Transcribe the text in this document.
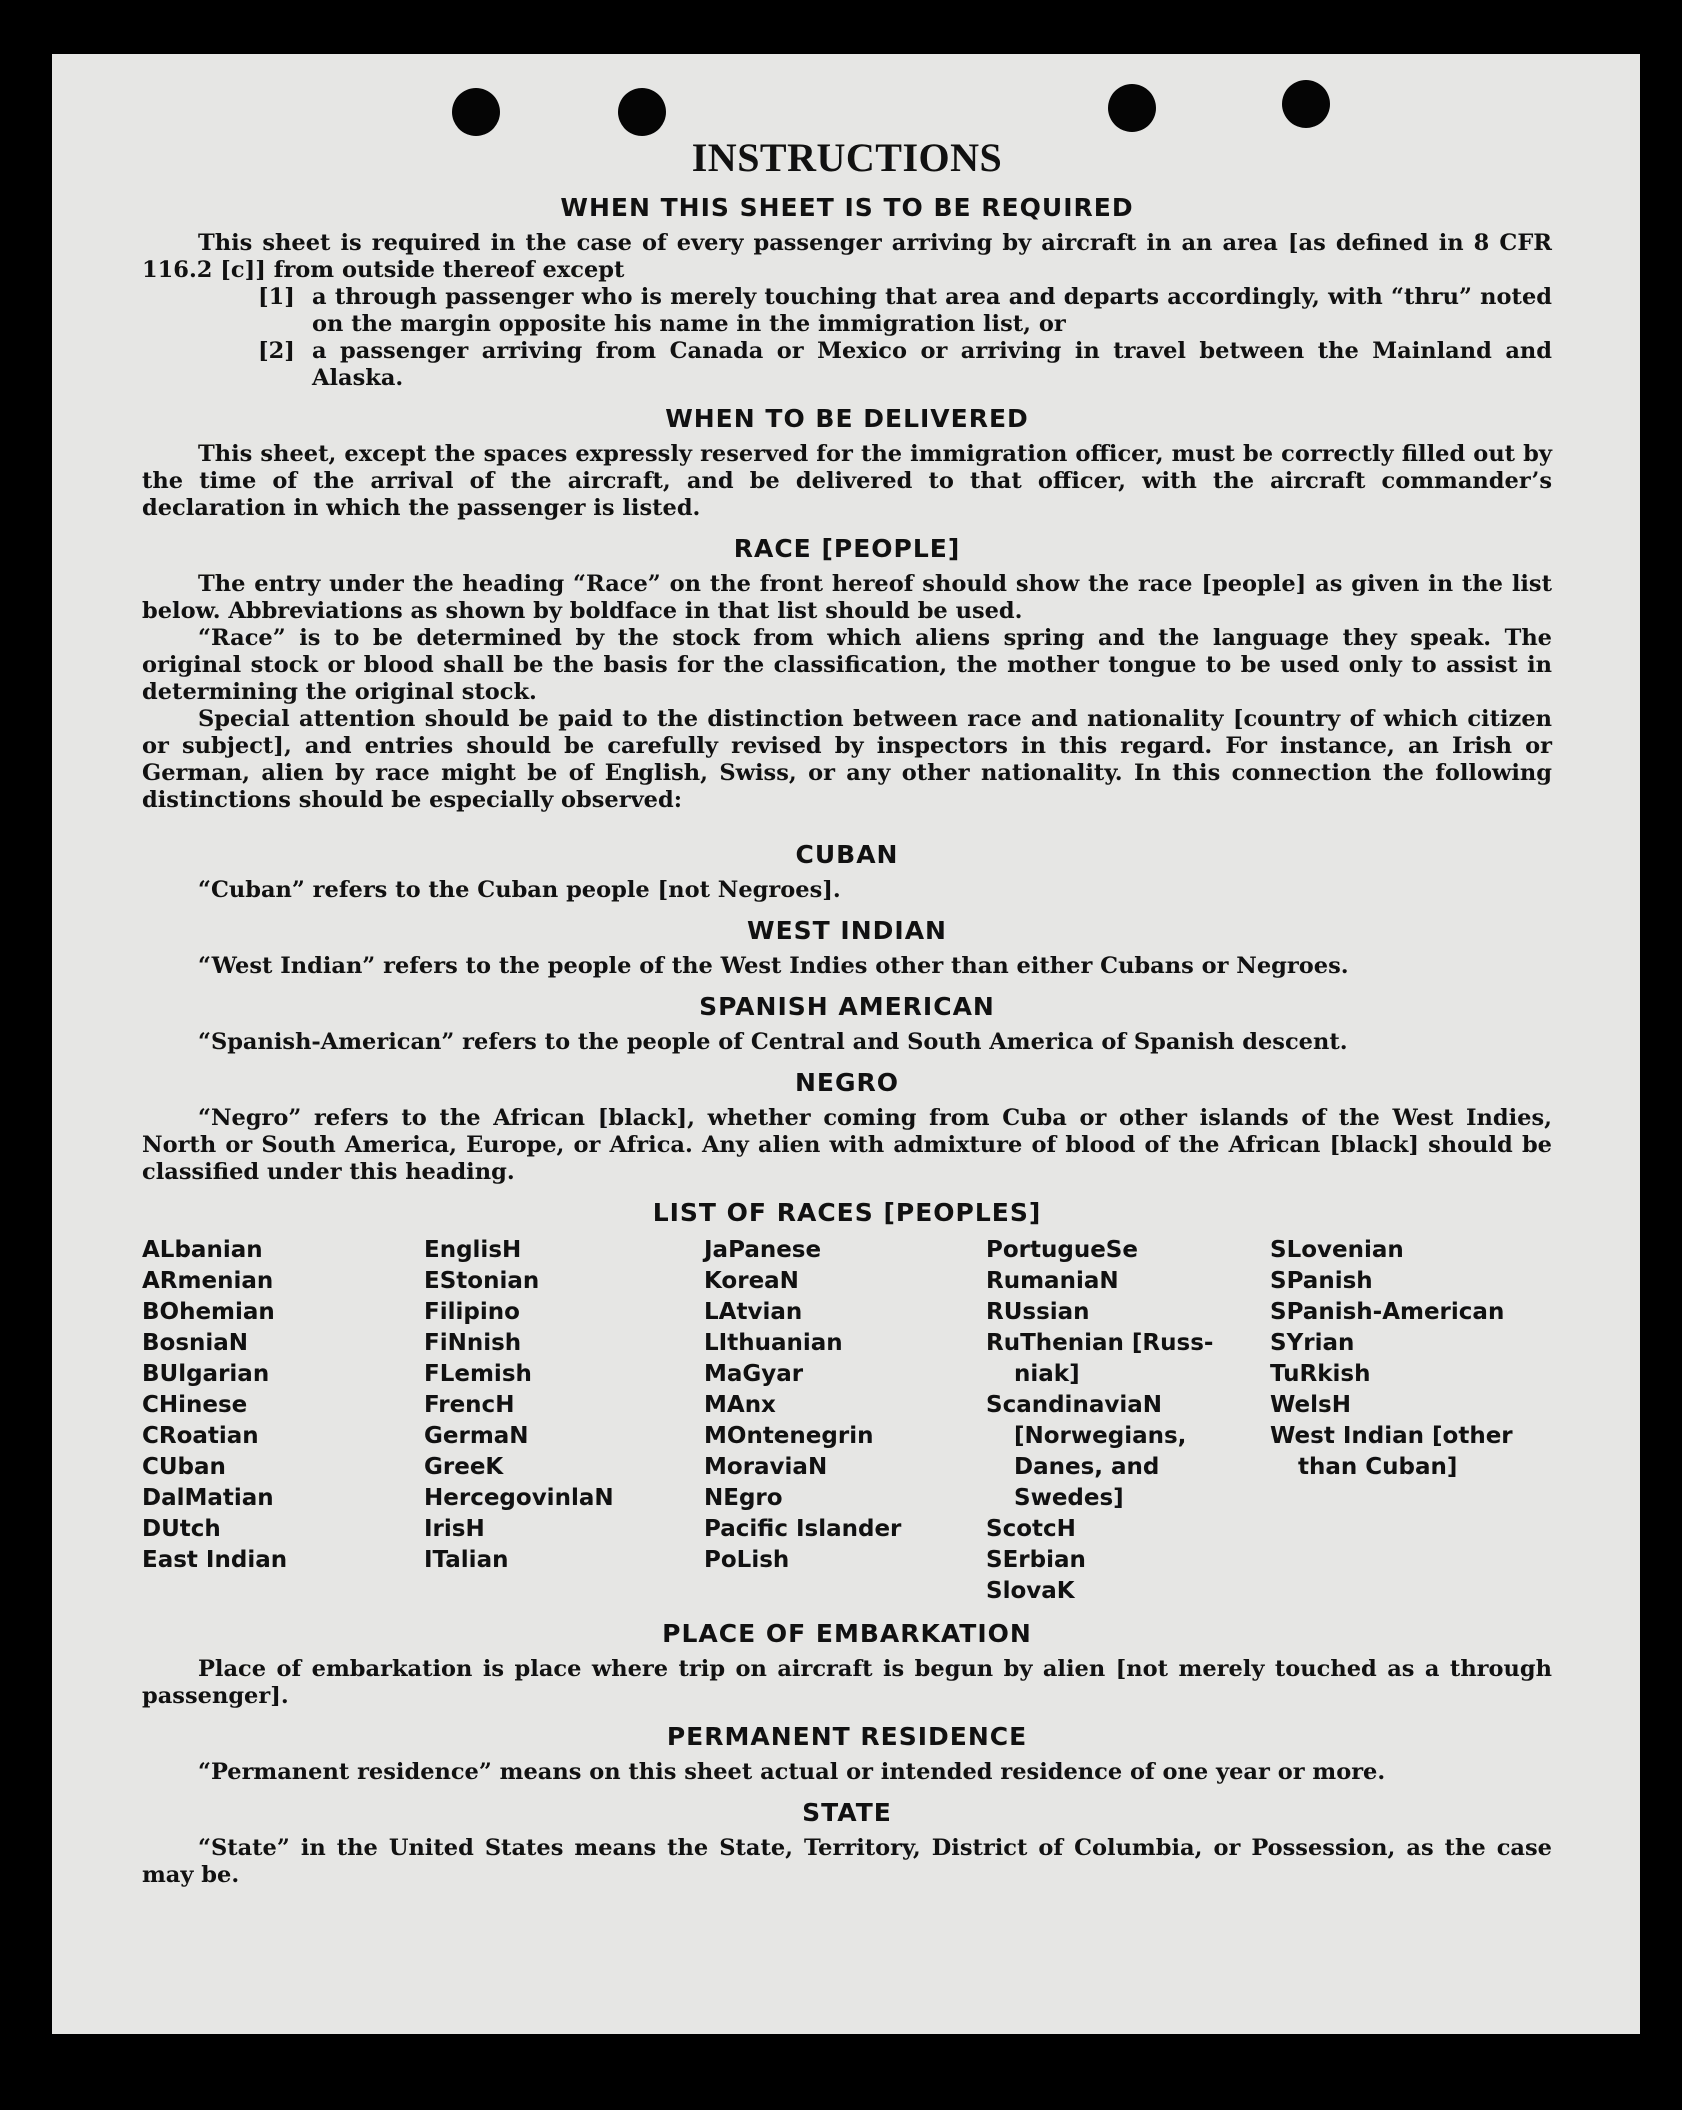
INSTRUCTIONS
WHEN THIS SHEET IS TO BE REQUIRED

This sheet is required in the case of every passenger arriving by aircraft in an area [as defined in 8 CFR 116.2 [c]] from outside thereof except

[1] a through passenger who is merely touching that area and departs accordingly, with “thru” noted on the margin opposite his name in the immigration list, or

[2] a passenger arriving from Canada or Mexico or arriving in travel between the Mainland and Alaska.

WHEN TO BE DELIVERED

This sheet, except the spaces expressly reserved for the immigration officer, must be correctly filled out by the time of the arrival of the aircraft, and be delivered to that officer, with the aircraft commander’s declaration in which the passenger is listed.

RACE [PEOPLE]

The entry under the heading “Race” on the front hereof should show the race [people] as given in the list below. Abbreviations as shown by boldface in that list should be used.

“Race” is to be determined by the stock from which aliens spring and the language they speak. The original stock or blood shall be the basis for the classification, the mother tongue to be used only to assist in determining the original stock.

Special attention should be paid to the distinction between race and nationality [country of which citizen or subject], and entries should be carefully revised by inspectors in this regard. For instance, an Irish or German, alien by race might be of English, Swiss, or any other nationality. In this connection the following distinctions should be especially observed:

CUBAN

“Cuban” refers to the Cuban people [not Negroes].

WEST INDIAN

“West Indian” refers to the people of the West Indies other than either Cubans or Negroes.

SPANISH AMERICAN

“Spanish-American” refers to the people of Central and South America of Spanish descent.

NEGRO

“Negro” refers to the African [black], whether coming from Cuba or other islands of the West Indies, North or South America, Europe, or Africa. Any alien with admixture of blood of the African [black] should be classified under this heading.

LIST OF RACES [PEOPLES]
ALbanian
ARmenian
BOhemian
BosniaN
BUlgarian
CHinese
CRoatian
CUban
DalMatian
DUtch
East Indian
EnglisH
EStonian
Filipino
FiNnish
FLemish
FrencH
GermaN
GreeK
HercegovinlaN
IrisH
ITalian
JaPanese
KoreaN
LAtvian
LIthuanian
MaGyar
MAnx
MOntenegrin
MoraviaN
NEgro
Pacific Islander
PoLish
PortugueSe
RumaniaN
RUssian
RuThenian [Russ-niak]
ScandinaviaN [Norwegians, Danes, and Swedes]
ScotcH
SErbian
SlovaK
SLovenian
SPanish
SPanish-American
SYrian
TuRkish
WelsH
West Indian [other than Cuban]
PLACE OF EMBARKATION

Place of embarkation is place where trip on aircraft is begun by alien [not merely touched as a through passenger].

PERMANENT RESIDENCE

“Permanent residence” means on this sheet actual or intended residence of one year or more.

STATE

“State” in the United States means the State, Territory, District of Columbia, or Possession, as the case may be.
